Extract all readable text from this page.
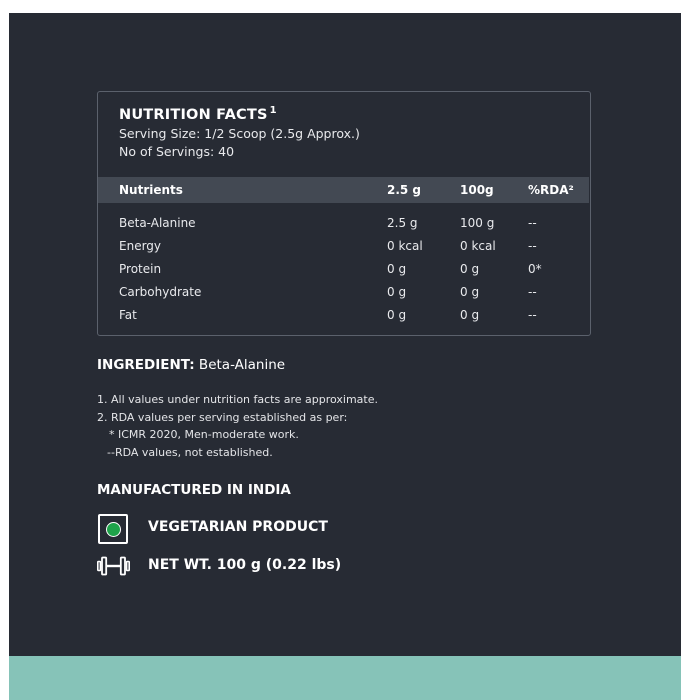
NUTRITION FACTS $^1$
Serving Size: 1/2 Scoop (2.5g Approx.)
No of Servings: 40
Nutrients	2.5 g	100g	%RDA²
Beta-Alanine	2.5 g	100 g	--
Energy	0 kcal	0 kcal	--
Protein	0 g	0 g	0*
Carbohydrate	0 g	0 g	--
Fat	0 g	0 g	--
INGREDIENT: Beta-Alanine
1. All values under nutrition facts are approximate.
2. RDA values per serving established as per:
* ICMR 2020, Men-moderate work.
--RDA values, not established.
MANUFACTURED IN INDIA
VEGETARIAN PRODUCT
NET WT. 100 g (0.22 lbs)
